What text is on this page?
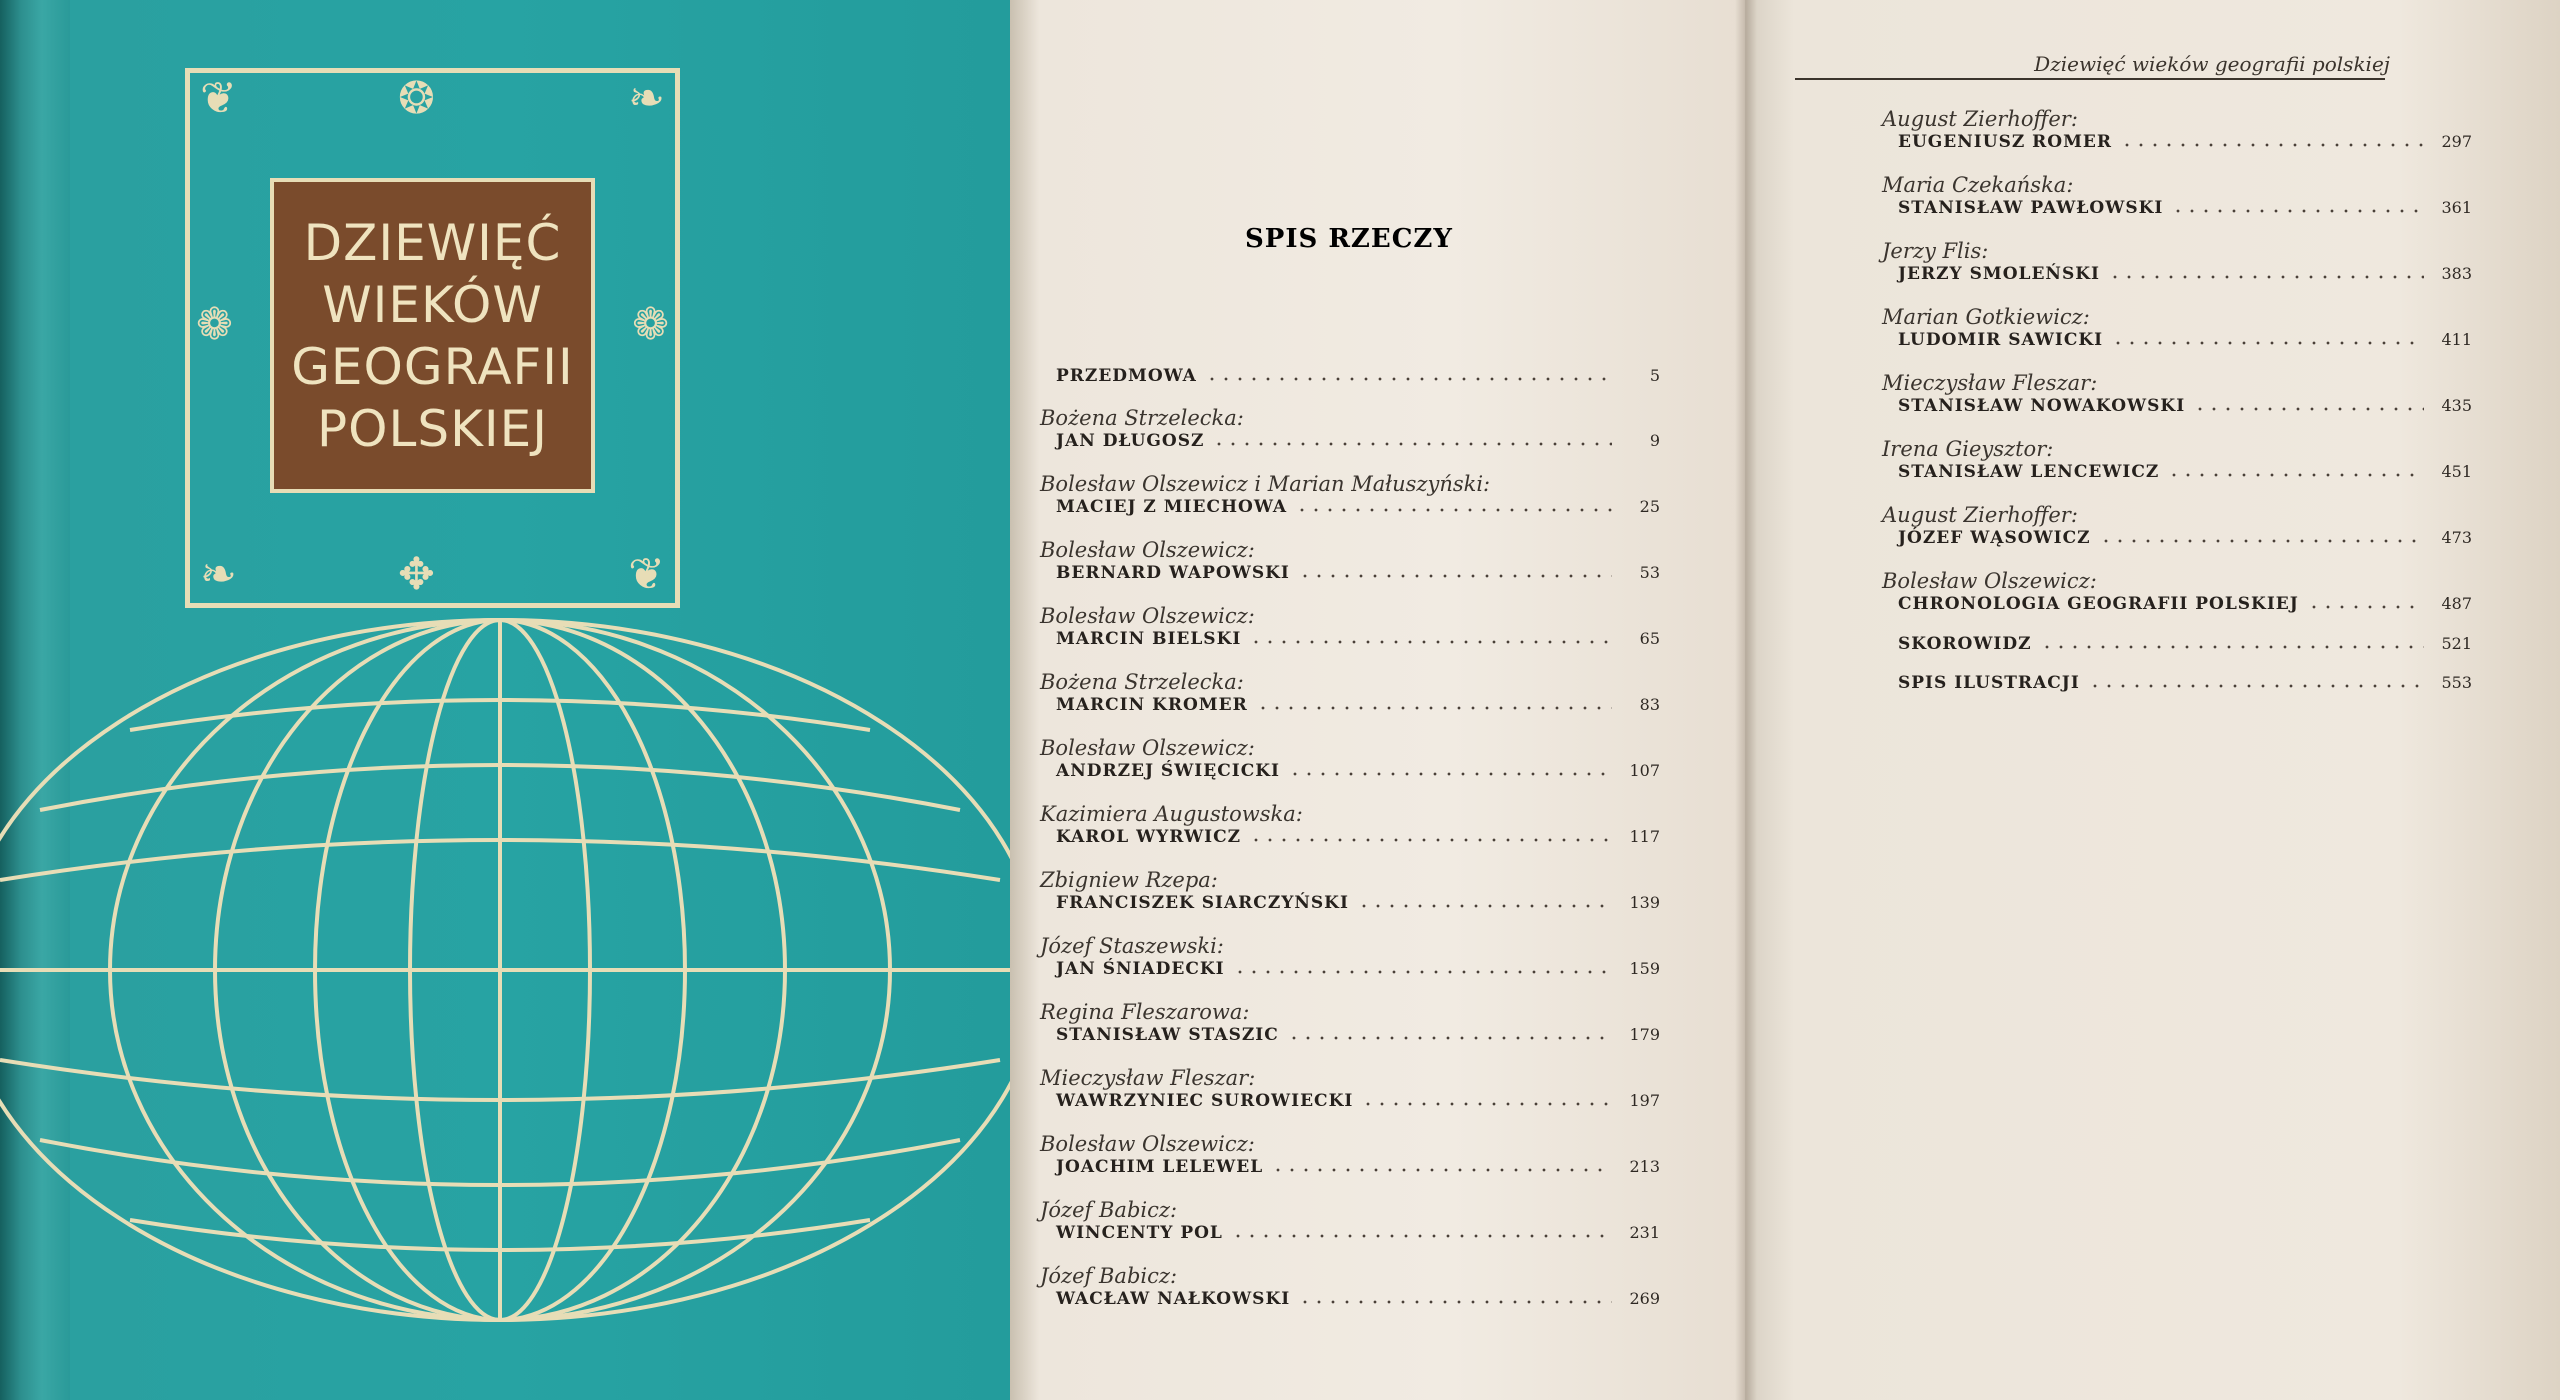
❦	❧
❂
❧	❦
✥
❁	❁
DZIEWIĘĆ
WIEKÓW
GEOGRAFII
POLSKIEJ
SPIS RZECZY
PRZEDMOWA	5
Bożena Strzelecka:
JAN DŁUGOSZ	9
Bolesław Olszewicz i Marian Małuszyński:
MACIEJ Z MIECHOWA	25
Bolesław Olszewicz:
BERNARD WAPOWSKI	53
Bolesław Olszewicz:
MARCIN BIELSKI	65
Bożena Strzelecka:
MARCIN KROMER	83
Bolesław Olszewicz:
ANDRZEJ ŚWIĘCICKI	107
Kazimiera Augustowska:
KAROL WYRWICZ	117
Zbigniew Rzepa:
FRANCISZEK SIARCZYŃSKI	139
Józef Staszewski:
JAN ŚNIADECKI	159
Regina Fleszarowa:
STANISŁAW STASZIC	179
Mieczysław Fleszar:
WAWRZYNIEC SUROWIECKI	197
Bolesław Olszewicz:
JOACHIM LELEWEL	213
Józef Babicz:
WINCENTY POL	231
Józef Babicz:
WACŁAW NAŁKOWSKI	269
Dziewięć wieków geografii polskiej
August Zierhoffer:
EUGENIUSZ ROMER	297
Maria Czekańska:
STANISŁAW PAWŁOWSKI	361
Jerzy Flis:
JERZY SMOLEŃSKI	383
Marian Gotkiewicz:
LUDOMIR SAWICKI	411
Mieczysław Fleszar:
STANISŁAW NOWAKOWSKI	435
Irena Gieysztor:
STANISŁAW LENCEWICZ	451
August Zierhoffer:
JÓZEF WĄSOWICZ	473
Bolesław Olszewicz:
CHRONOLOGIA GEOGRAFII POLSKIEJ	487
SKOROWIDZ	521
SPIS ILUSTRACJI	553
